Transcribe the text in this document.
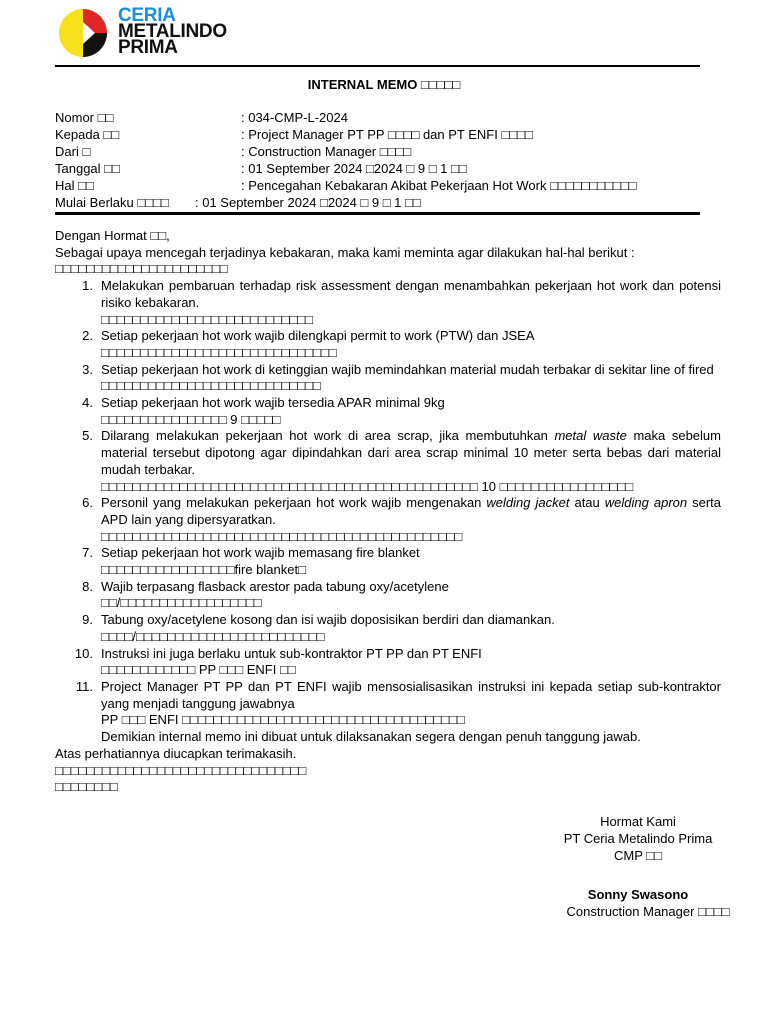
CERIA
METALINDO
PRIMA
INTERNAL MEMO □□□□□
Nomor □□	: 034-CMP-L-2024
Kepada □□	: Project Manager PT PP □□□□ dan PT ENFI □□□□
Dari □	: Construction Manager □□□□
Tanggal □□	: 01 September 2024 □2024 □ 9 □ 1 □□
Hal □□	: Pencegahan Kebakaran Akibat Pekerjaan Hot Work □□□□□□□□□□□
Mulai Berlaku □□□□ : 01 September 2024 □2024 □ 9 □ 1 □□

Dengan Hormat □□,

Sebagai upaya mencegah terjadinya kebakaran, maka kami meminta agar dilakukan hal-hal berikut :

□□□□□□□□□□□□□□□□□□□□□□

1. Melakukan pembaruan terhadap risk assessment dengan menambahkan pekerjaan hot work dan potensi risiko kebakaran.
□□□□□□□□□□□□□□□□□□□□□□□□□□□
2. Setiap pekerjaan hot work wajib dilengkapi permit to work (PTW) dan JSEA
□□□□□□□□□□□□□□□□□□□□□□□□□□□□□□
3. Setiap pekerjaan hot work di ketinggian wajib memindahkan material mudah terbakar di sekitar line of fired
□□□□□□□□□□□□□□□□□□□□□□□□□□□□
4. Setiap pekerjaan hot work wajib tersedia APAR minimal 9kg
□□□□□□□□□□□□□□□□ 9 □□□□□
5. Dilarang melakukan pekerjaan hot work di area scrap, jika membutuhkan metal waste maka sebelum material tersebut dipotong agar dipindahkan dari area scrap minimal 10 meter serta bebas dari material mudah terbakar.
□□□□□□□□□□□□□□□□□□□□□□□□□□□□□□□□□□□□□□□□□□□□□□□□ 10 □□□□□□□□□□□□□□□□□
6. Personil yang melakukan pekerjaan hot work wajib mengenakan welding jacket atau welding apron serta APD lain yang dipersyaratkan.
□□□□□□□□□□□□□□□□□□□□□□□□□□□□□□□□□□□□□□□□□□□□□□
7. Setiap pekerjaan hot work wajib memasang fire blanket
□□□□□□□□□□□□□□□□□fire blanket□
8. Wajib terpasang flasback arestor pada tabung oxy/acetylene
□□/□□□□□□□□□□□□□□□□□□
9. Tabung oxy/acetylene kosong dan isi wajib doposisikan berdiri dan diamankan.
□□□□/□□□□□□□□□□□□□□□□□□□□□□□□
10. Instruksi ini juga berlaku untuk sub-kontraktor PT PP dan PT ENFI
□□□□□□□□□□□□ PP □□□ ENFI □□
11. Project Manager PT PP dan PT ENFI wajib mensosialisasikan instruksi ini kepada setiap sub-kontraktor yang menjadi tanggung jawabnya
PP □□□ ENFI □□□□□□□□□□□□□□□□□□□□□□□□□□□□□□□□□□□□

Demikian internal memo ini dibuat untuk dilaksanakan segera dengan penuh tanggung jawab.

Atas perhatiannya diucapkan terimakasih.

□□□□□□□□□□□□□□□□□□□□□□□□□□□□□□□□

□□□□□□□□

Hormat Kami
PT Ceria Metalindo Prima
CMP □□
Sonny Swasono
Construction Manager □□□□
